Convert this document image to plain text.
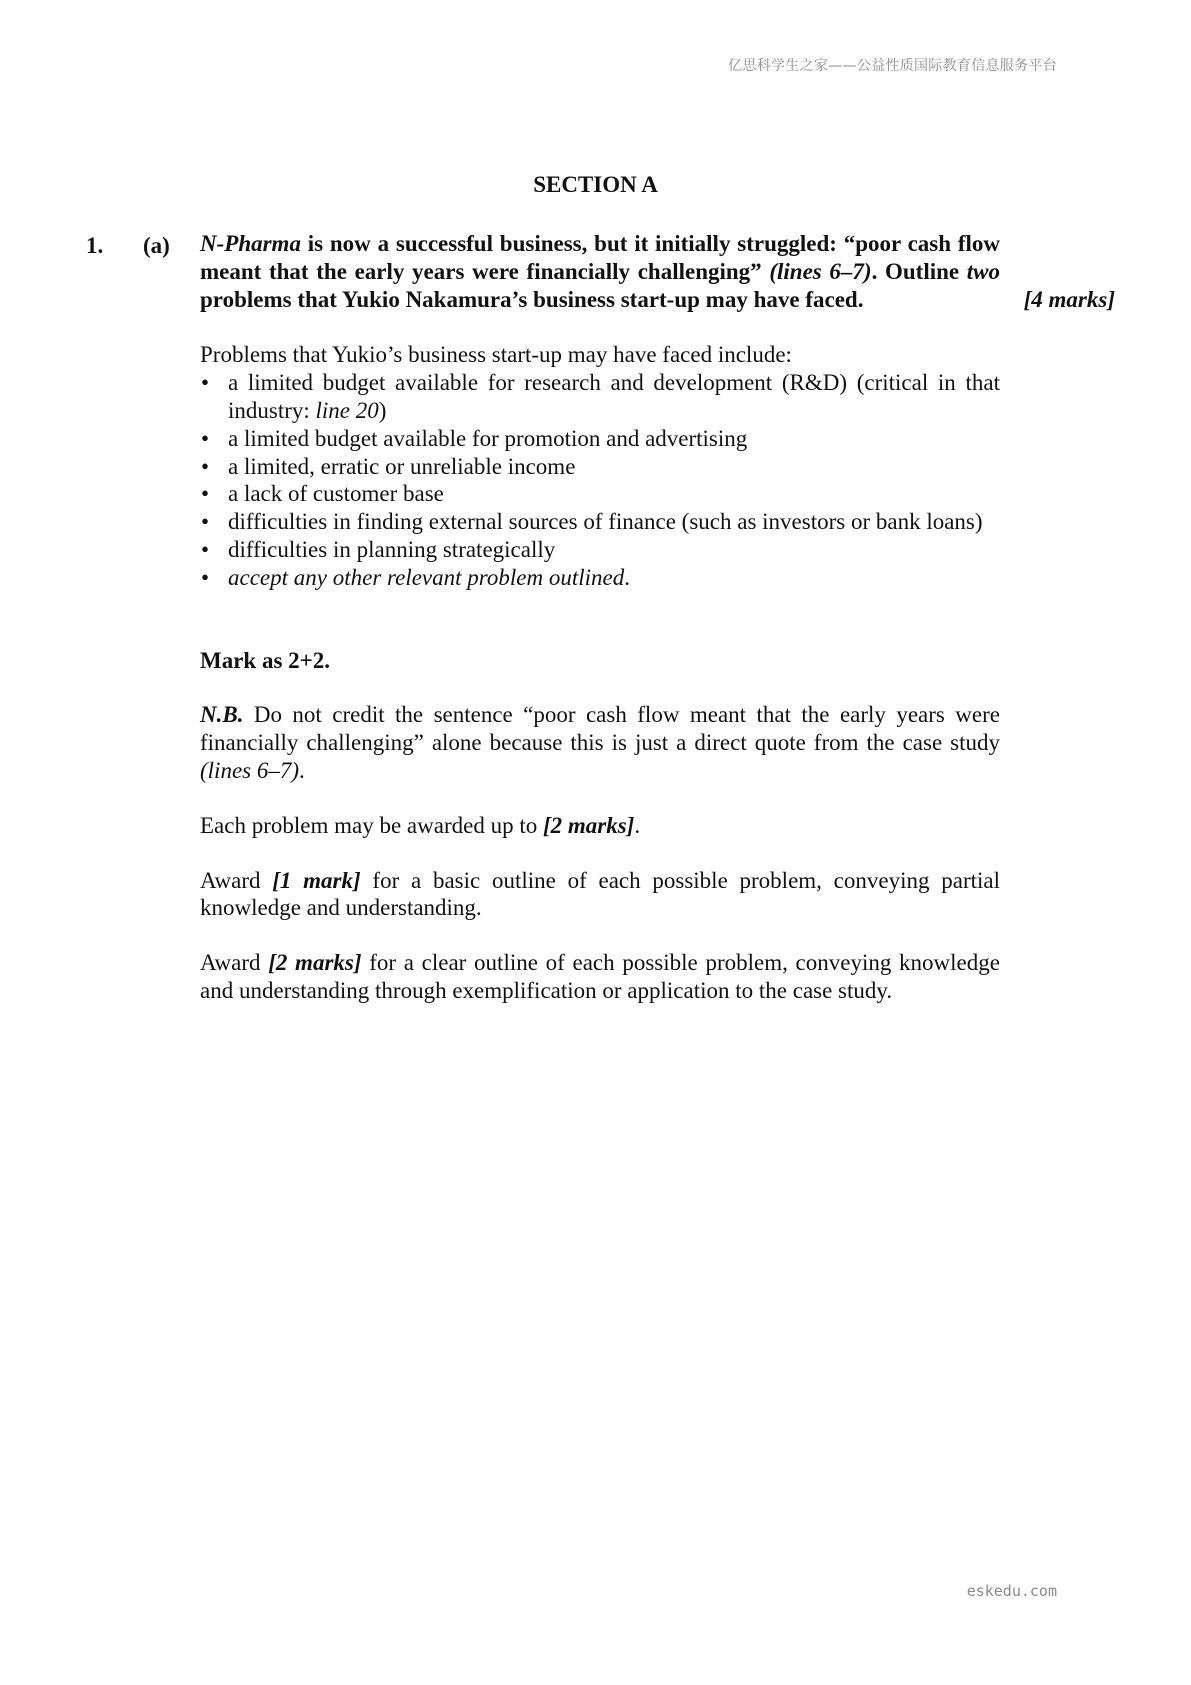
亿思科学生之家——公益性质国际教育信息服务平台
SECTION A
1. (a) N-Pharma is now a successful business, but it initially struggled: “poor cash flow meant that the early years were financially challenging” (lines 6–7). Outline two problems that Yukio Nakamura’s business start-up may have faced.	[4 marks]

Problems that Yukio’s business start-up may have faced include:

• a limited budget available for research and development (R&D) (critical in that industry: line 20)
• a limited budget available for promotion and advertising
• a limited, erratic or unreliable income
• a lack of customer base
• difficulties in finding external sources of finance (such as investors or bank loans)
• difficulties in planning strategically
• accept any other relevant problem outlined.

Mark as 2+2.

N.B. Do not credit the sentence “poor cash flow meant that the early years were financially challenging” alone because this is just a direct quote from the case study (lines 6–7).

Each problem may be awarded up to [2 marks].

Award [1 mark] for a basic outline of each possible problem, conveying partial knowledge and understanding.

Award [2 marks] for a clear outline of each possible problem, conveying knowledge and understanding through exemplification or application to the case study.

eskedu.com
